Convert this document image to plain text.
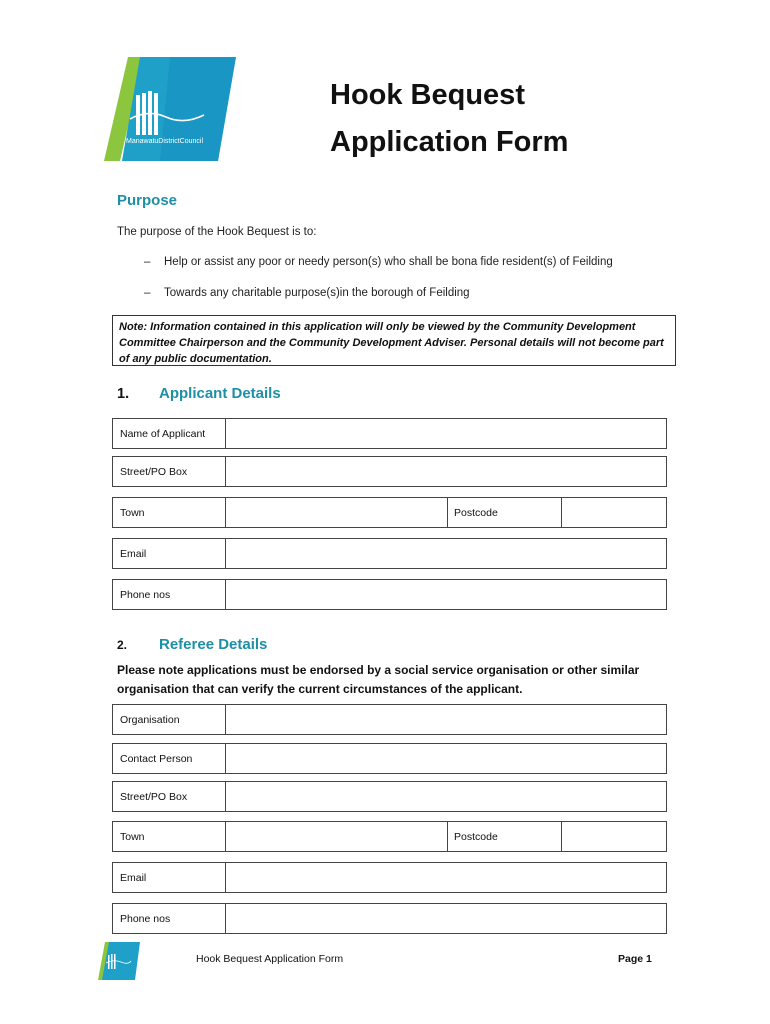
ManawatuDistrictCouncil
Hook Bequest
Application Form
Purpose
The purpose of the Hook Bequest is to:
– Help or assist any poor or needy person(s) who shall be bona fide resident(s) of Feilding
– Towards any charitable purpose(s)in the borough of Feilding
Note: Information contained in this application will only be viewed by the Community Development Committee Chairperson and the Community Development Adviser. Personal details will not become part of any public documentation.
1. Applicant Details
Name of Applicant
Street/PO Box
Town	Postcode
Email
Phone nos
2. Referee Details
Please note applications must be endorsed by a social service organisation or other similar organisation that can verify the current circumstances of the applicant.
Organisation
Contact Person
Street/PO Box
Town	Postcode
Email
Phone nos
Hook Bequest Application Form	Page 1
